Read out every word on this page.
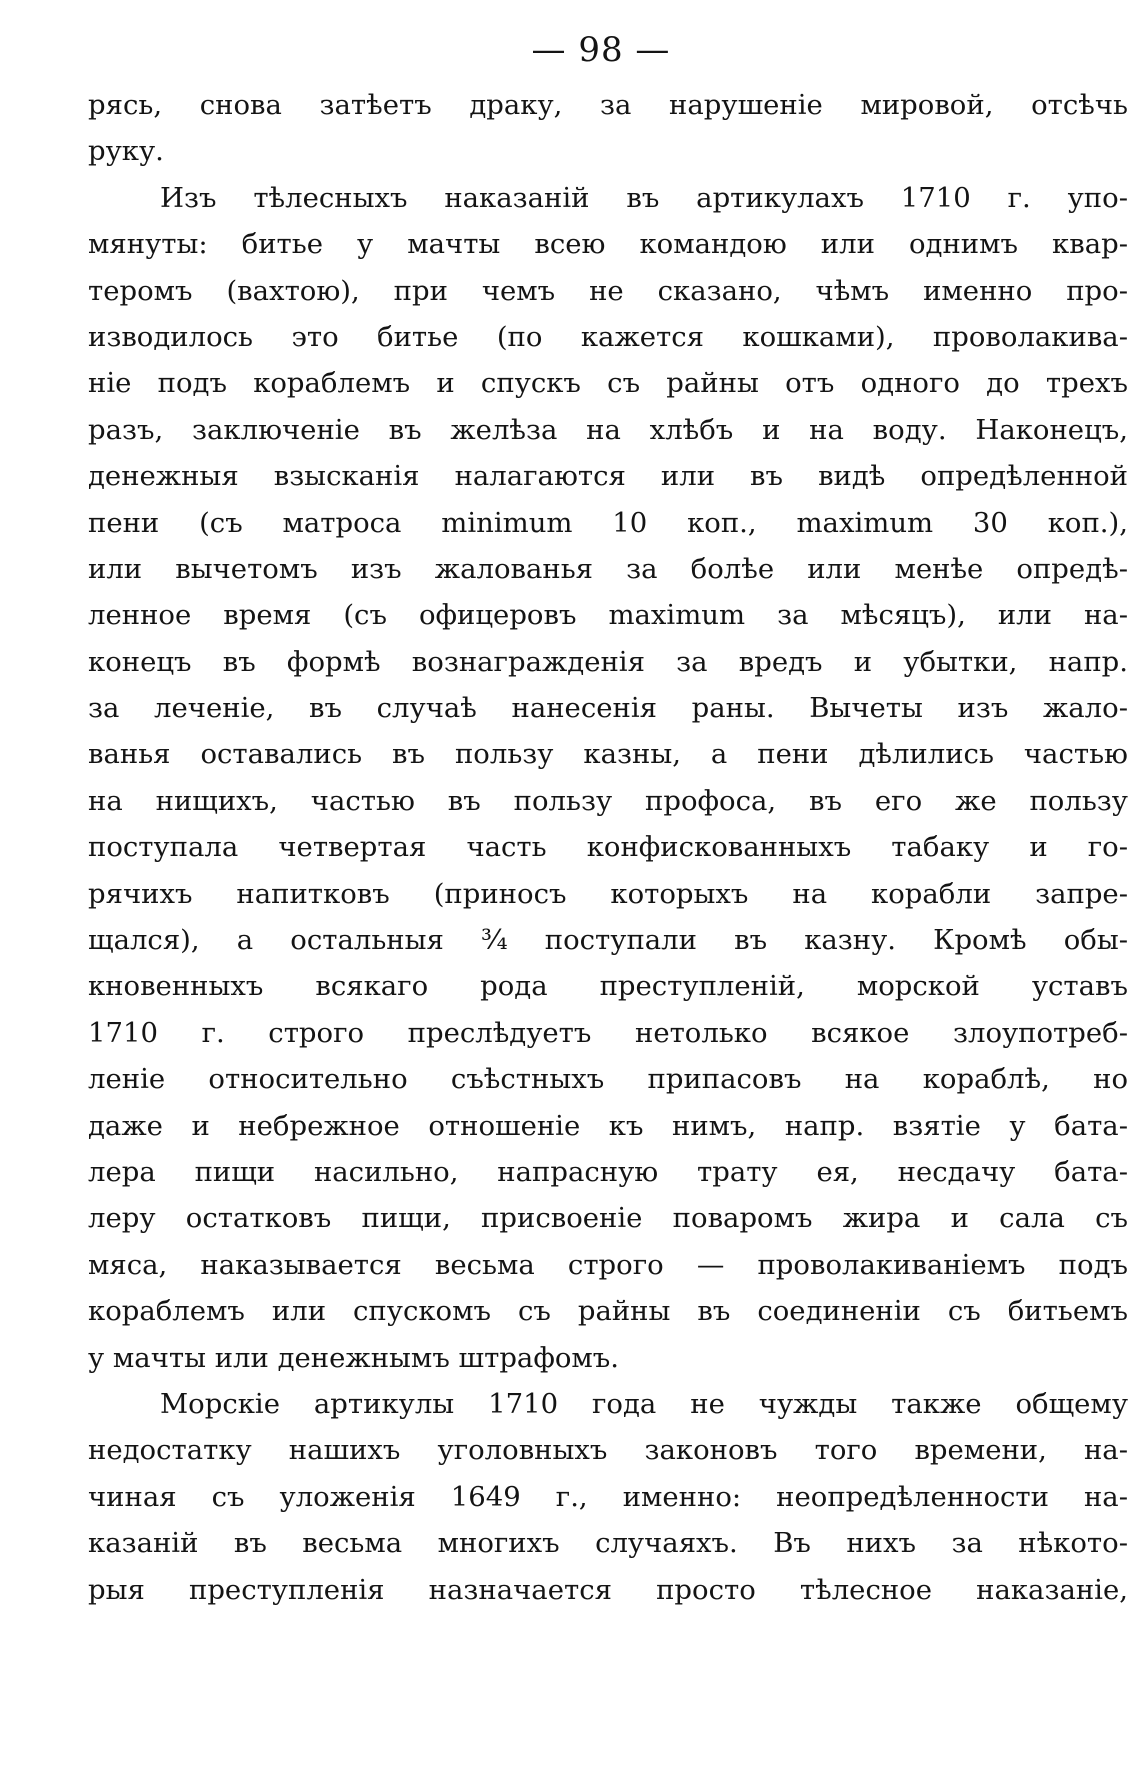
— 98 —
рясь, снова затѣетъ драку, за нарушеніе мировой, отсѣчь
руку.
Изъ тѣлесныхъ наказаній въ артикулахъ 1710 г. упо-
мянуты: битье у мачты всею командою или однимъ квар-
теромъ (вахтою), при чемъ не сказано, чѣмъ именно про-
изводилось это битье (по кажется кошками), проволакива-
ніе подъ кораблемъ и спускъ съ райны отъ одного до трехъ
разъ, заключеніе въ желѣза на хлѣбъ и на воду. Наконецъ,
денежныя взысканія налагаются или въ видѣ опредѣленной
пени (съ матроса minimum 10 коп., maximum 30 коп.),
или вычетомъ изъ жалованья за болѣе или менѣе опредѣ-
ленное время (съ офицеровъ maximum за мѣсяцъ), или на-
конецъ въ формѣ вознагражденія за вредъ и убытки, напр.
за леченіе, въ случаѣ нанесенія раны. Вычеты изъ жало-
ванья оставались въ пользу казны, а пени дѣлились частью
на нищихъ, частью въ пользу профоса, въ его же пользу
поступала четвертая часть конфискованныхъ табаку и го-
рячихъ напитковъ (приносъ которыхъ на корабли запре-
щался), а остальныя ³⁄₄ поступали въ казну. Кромѣ обы-
кновенныхъ всякаго рода преступленій, морской уставъ
1710 г. строго преслѣдуетъ нетолько всякое злоупотреб-
леніе относительно съѣстныхъ припасовъ на кораблѣ, но
даже и небрежное отношеніе къ нимъ, напр. взятіе у бата-
лера пищи насильно, напрасную трату ея, несдачу бата-
леру остатковъ пищи, присвоеніе поваромъ жира и сала съ
мяса, наказывается весьма строго — проволакиваніемъ подъ
кораблемъ или спускомъ съ райны въ соединеніи съ битьемъ
у мачты или денежнымъ штрафомъ.
Морскіе артикулы 1710 года не чужды также общему
недостатку нашихъ уголовныхъ законовъ того времени, на-
чиная съ уложенія 1649 г., именно: неопредѣленности на-
казаній въ весьма многихъ случаяхъ. Въ нихъ за нѣкото-
рыя преступленія назначается просто тѣлесное наказаніе,
